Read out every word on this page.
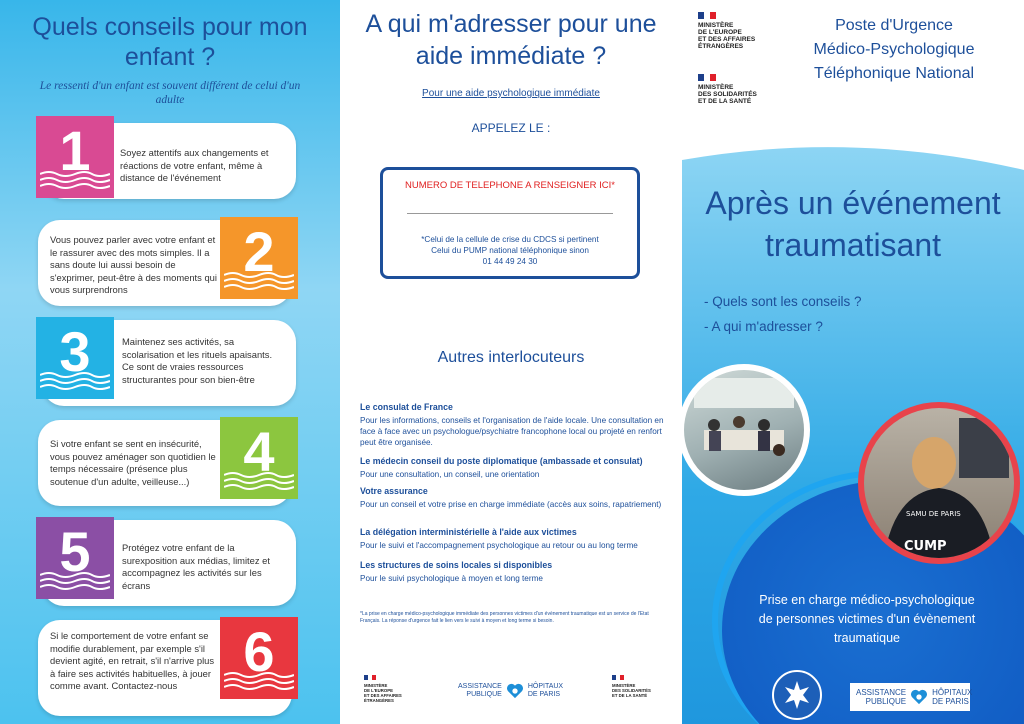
Quels conseils pour mon enfant ?
Le ressenti d'un enfant est souvent différent de celui d'un adulte
Soyez attentifs aux changements et réactions de votre enfant, même à distance de l'événement
1
Vous pouvez parler avec votre enfant et le rassurer avec des mots simples. Il a sans doute lui aussi besoin de s'exprimer, peut-être à des moments qui vous surprendrons
2
Maintenez ses activités, sa scolarisation et les rituels apaisants. Ce sont de vraies ressources structurantes pour son bien-être
3
Si votre enfant se sent en insécurité, vous pouvez aménager son quotidien le temps nécessaire (présence plus soutenue d'un adulte, veilleuse...) 4
Protégez votre enfant de la surexposition aux médias, limitez et accompagnez les activités sur les écrans
5
Si le comportement de votre enfant se modifie durablement, par exemple s'il devient agité, en retrait, s'il n'arrive plus à faire ses activités habituelles, à jouer comme avant. Contactez-nous
6
A qui m'adresser pour une aide immédiate ?
Pour une aide psychologique immédiate
APPELEZ LE :
NUMERO DE TELEPHONE A RENSEIGNER ICI*
*Celui de la cellule de crise du CDCS si pertinent
Celui du PUMP national téléphonique sinon
01 44 49 24 30
Autres interlocuteurs
Le consulat de France
Pour les informations, conseils et l'organisation de l'aide locale. Une consultation en face à face avec un psychologue/psychiatre francophone local ou projeté en renfort peut être organisée.
Le médecin conseil du poste diplomatique (ambassade et consulat)
Pour une consultation, un conseil, une orientation
Votre assurance
Pour un conseil et votre prise en charge immédiate (accès aux soins, rapatriement)
La délégation interministérielle à l'aide aux victimes
Pour le suivi et l'accompagnement psychologique au retour ou au long terme
Les structures de soins locales si disponibles
Pour le suivi psychologique à moyen et long terme
*La prise en charge médico-psychologique immédiate des personnes victimes d'un évènement traumatique est un service de l'Etat Français. La réponse d'urgence fait le lien vers le suivi à moyen et long terme si besoin.
MINISTÈRE
DE L'EUROPE
ET DES AFFAIRES
ÉTRANGÈRES
ASSISTANCE
PUBLIQUE
HÔPITAUX
DE PARIS
MINISTÈRE
DES SOLIDARITÉS
ET DE LA SANTÉ
MINISTÈRE
DE L'EUROPE
ET DES AFFAIRES
ÉTRANGÈRES
MINISTÈRE
DES SOLIDARITÉS
ET DE LA SANTÉ
Poste d'Urgence
Médico-Psychologique
Téléphonique National
Après un événement
traumatisant
- Quels sont les conseils ?
- A qui m'adresser ?
SAMU DE PARIS
CUMP
Prise en charge médico-psychologique
de personnes victimes d'un évènement
traumatique
ASSISTANCE
PUBLIQUE
HÔPITAUX
DE PARIS
